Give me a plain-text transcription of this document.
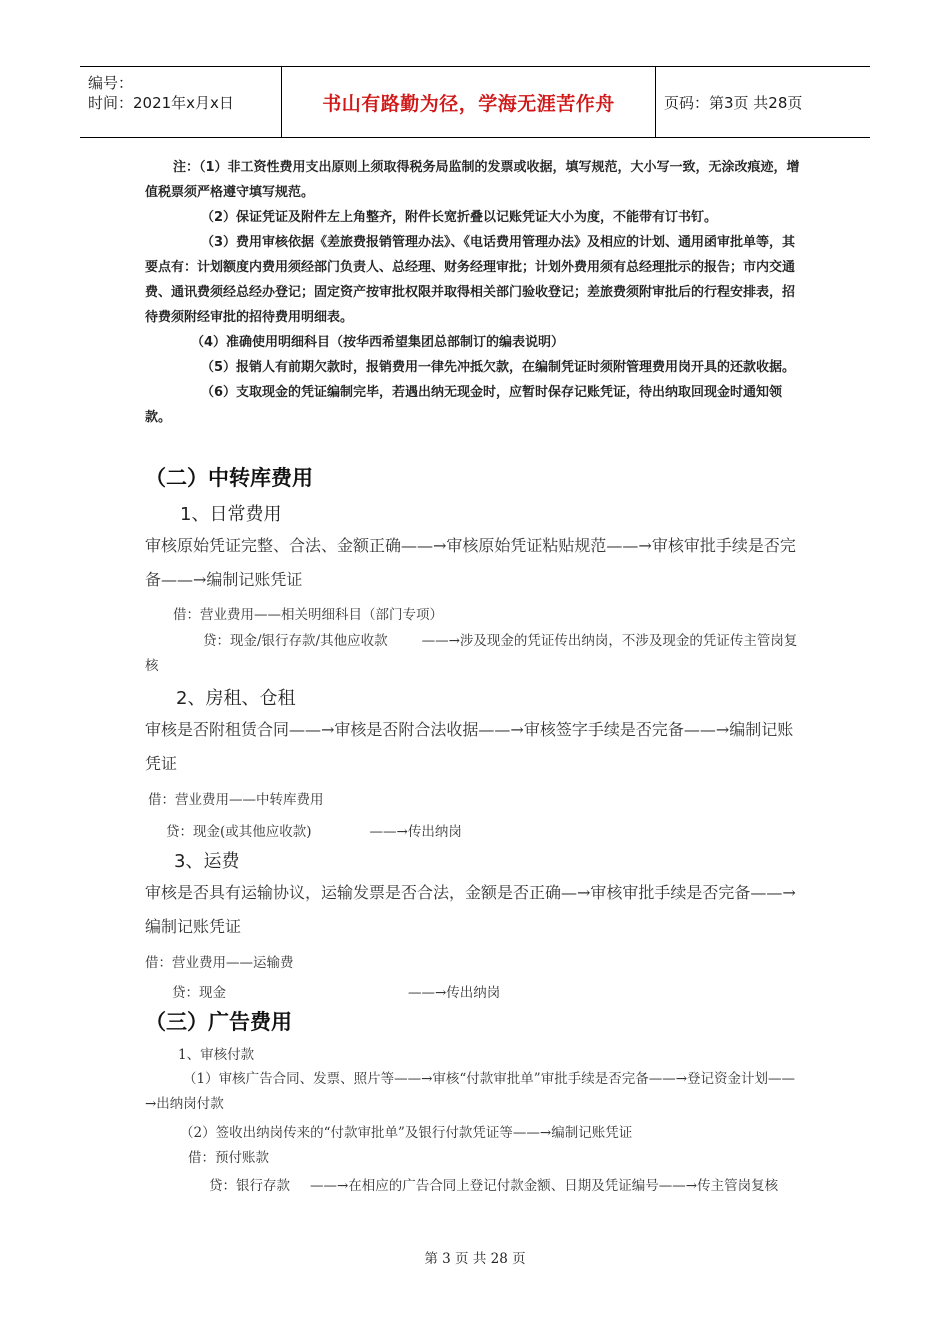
编号：
时间：2021年x月x日	书山有路勤为径，学海无涯苦作舟	页码：第3页 共28页

注：（1）非工资性费用支出原则上须取得税务局监制的发票或收据，填写规范，大小写一致，无涂改痕迹，增值税票须严格遵守填写规范。

（2）保证凭证及附件左上角整齐，附件长宽折叠以记账凭证大小为度，不能带有订书钉。

（3）费用审核依据《差旅费报销管理办法》、《电话费用管理办法》及相应的计划、通用函审批单等，其要点有：计划额度内费用须经部门负责人、总经理、财务经理审批；计划外费用须有总经理批示的报告；市内交通费、通讯费须经总经办登记；固定资产按审批权限并取得相关部门验收登记；差旅费须附审批后的行程安排表，招待费须附经审批的招待费用明细表。

（4）准确使用明细科目（按华西希望集团总部制订的编表说明）

（5）报销人有前期欠款时，报销费用一律先冲抵欠款，在编制凭证时须附管理费用岗开具的还款收据。

（6）支取现金的凭证编制完毕，若遇出纳无现金时，应暂时保存记账凭证，待出纳取回现金时通知领款。

（二）中转库费用
1、日常费用
审核原始凭证完整、合法、金额正确——→审核原始凭证粘贴规范——→审核审批手续是否完备——→编制记账凭证
借：营业费用——相关明细科目（部门专项）
贷：现金/银行存款/其他应收款	——→涉及现金的凭证传出纳岗，不涉及现金的凭证传主管岗复核
2、房租、仓租
审核是否附租赁合同——→审核是否附合法收据——→审核签字手续是否完备——→编制记账凭证
借：营业费用——中转库费用
贷：现金(或其他应收款)	——→传出纳岗
3、运费
审核是否具有运输协议，运输发票是否合法，金额是否正确—→审核审批手续是否完备——→编制记账凭证
借：营业费用——运输费
贷：现金	——→传出纳岗
（三）广告费用
1、审核付款
（1）审核广告合同、发票、照片等——→审核“付款审批单”审批手续是否完备——→登记资金计划——→出纳岗付款
（2）签收出纳岗传来的“付款审批单”及银行付款凭证等——→编制记账凭证
借：预付账款
贷：银行存款 ——→在相应的广告合同上登记付款金额、日期及凭证编号——→传主管岗复核
第 3 页 共 28 页
